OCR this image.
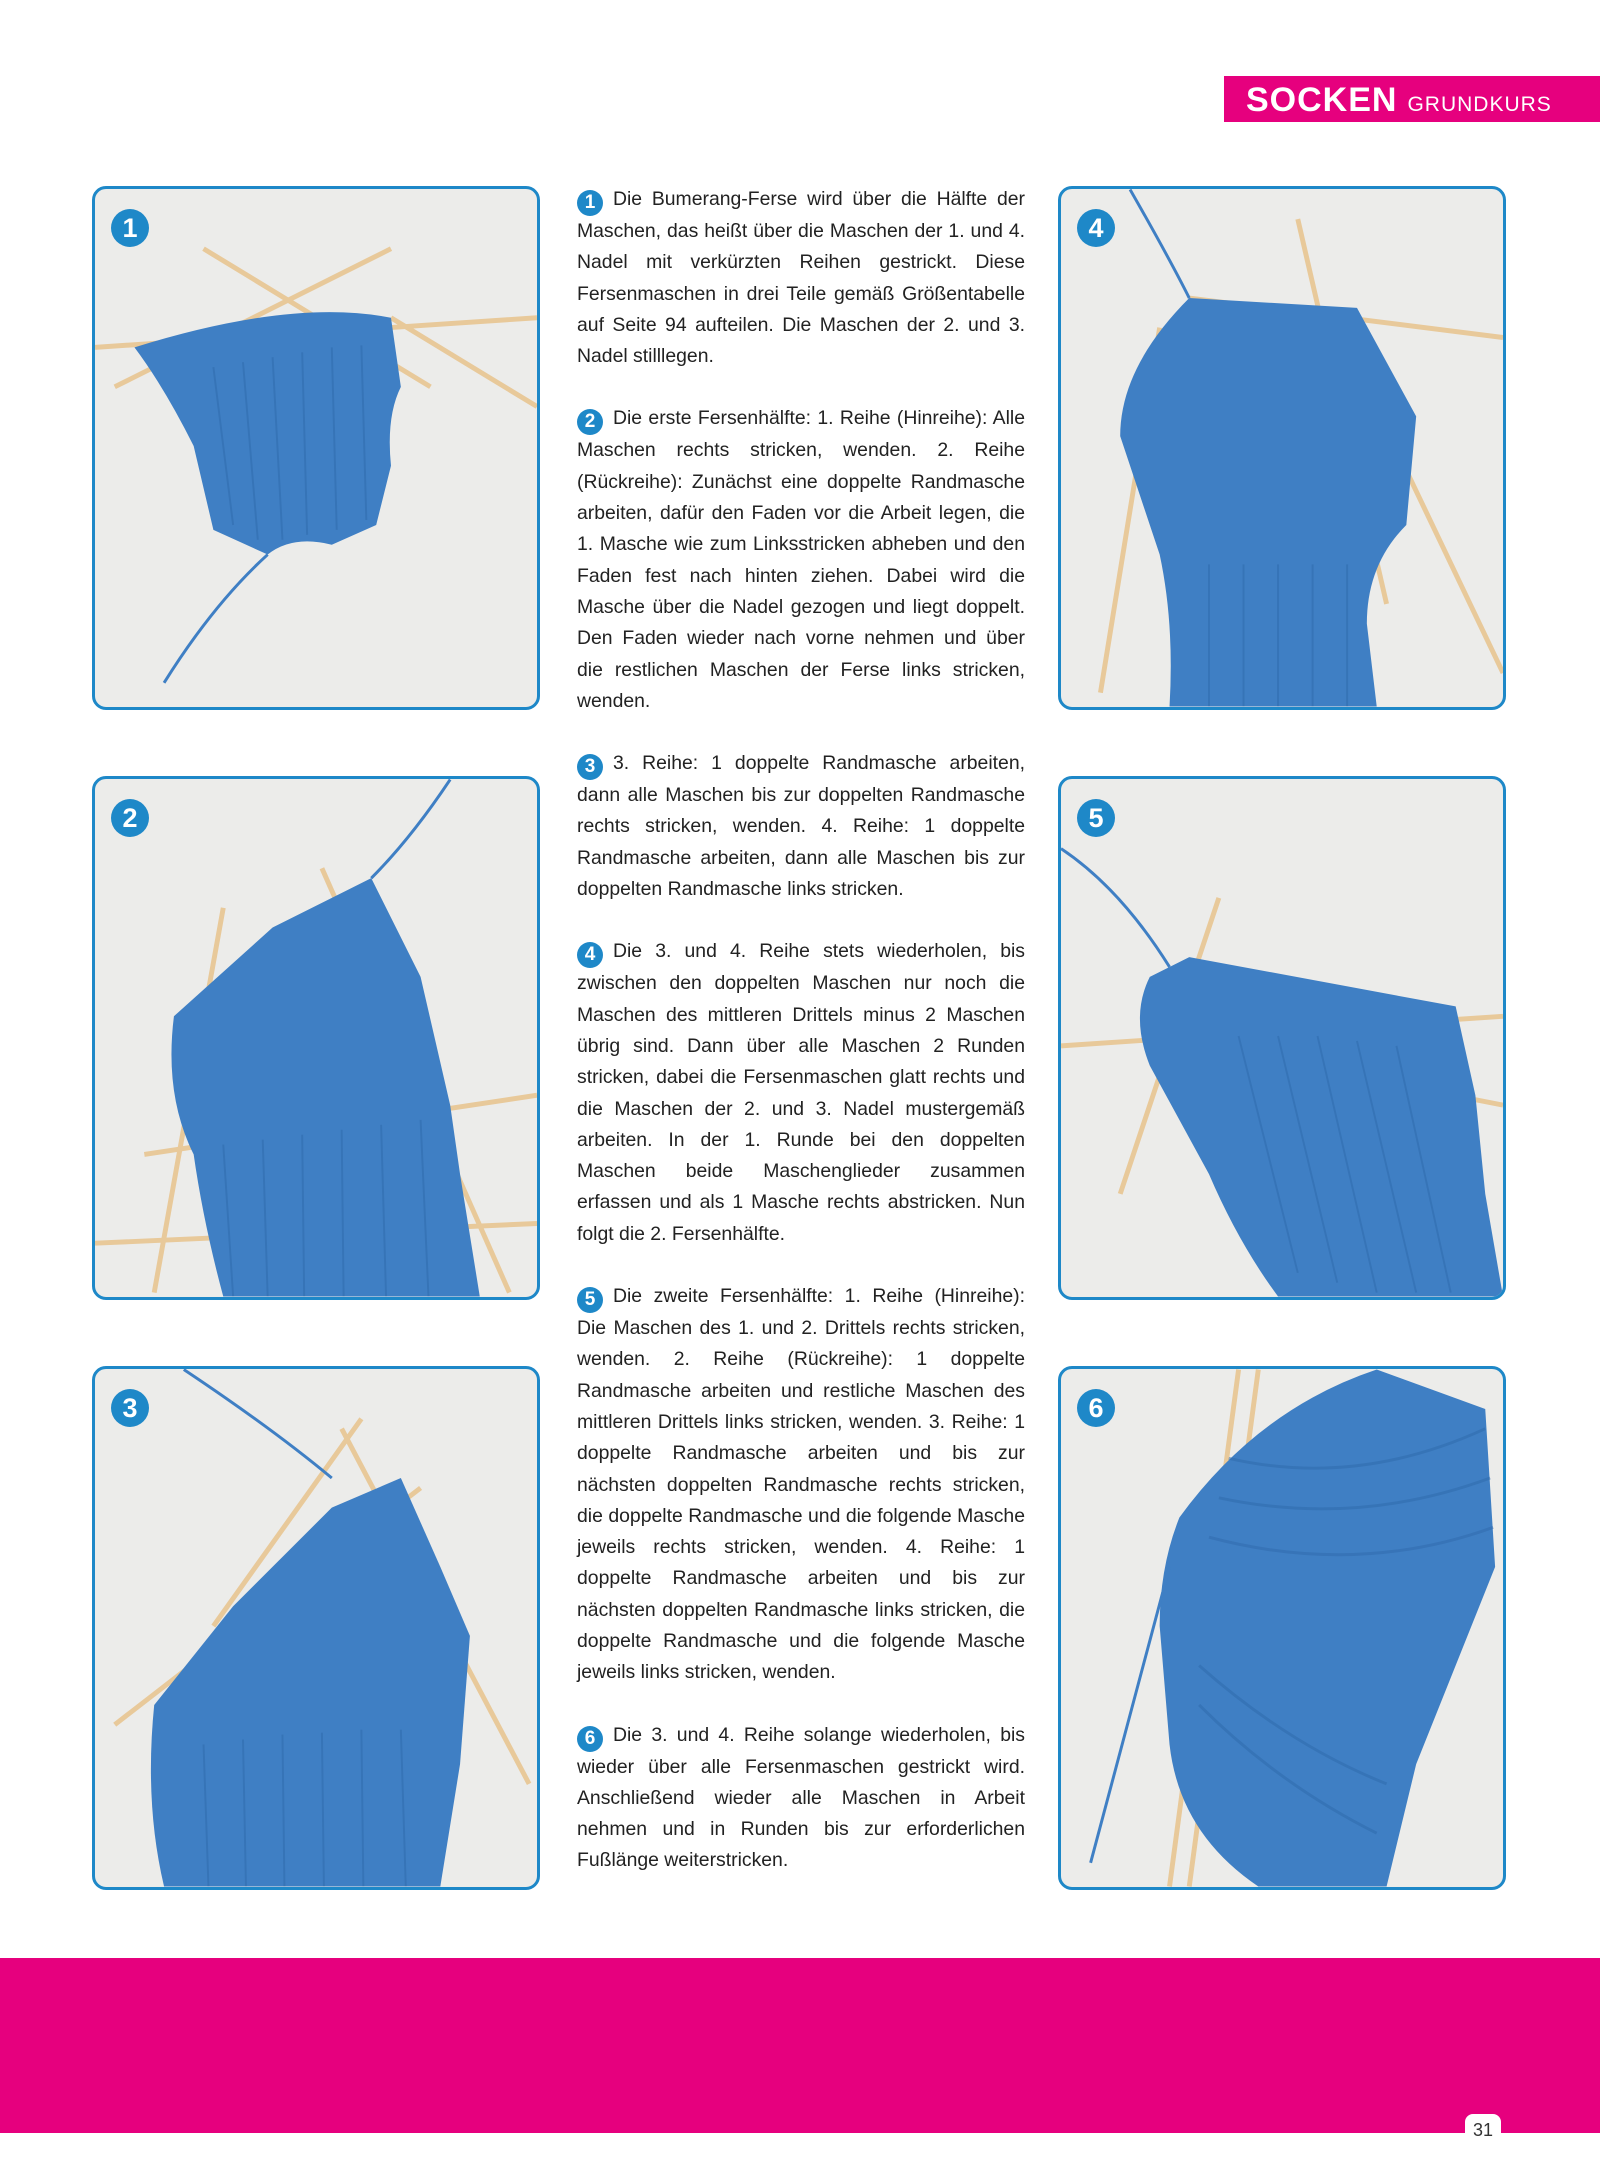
SOCKEN GRUNDKURS
1
2
3
4
5
6

1 Die Bumerang-Ferse wird über die Hälfte der Maschen, das heißt über die Maschen der 1. und 4. Nadel mit verkürzten Reihen gestrickt. Diese Fersenmaschen in drei Teile gemäß Größentabelle auf Seite 94 aufteilen. Die Maschen der 2. und 3. Nadel stilllegen.

2 Die erste Fersenhälfte: 1. Reihe (Hinreihe): Alle Maschen rechts stricken, wenden. 2. Reihe (Rückreihe): Zunächst eine doppelte Randmasche arbeiten, dafür den Faden vor die Arbeit legen, die 1. Masche wie zum Linksstricken abheben und den Faden fest nach hinten ziehen. Dabei wird die Masche über die Nadel gezogen und liegt doppelt. Den Faden wieder nach vorne nehmen und über die restlichen Maschen der Ferse links stricken, wenden.

3 3. Reihe: 1 doppelte Randmasche arbeiten, dann alle Maschen bis zur doppelten Randmasche rechts stricken, wenden. 4. Reihe: 1 doppelte Randmasche arbeiten, dann alle Maschen bis zur doppelten Randmasche links stricken.

4 Die 3. und 4. Reihe stets wiederholen, bis zwischen den doppelten Maschen nur noch die Maschen des mittleren Drittels minus 2 Maschen übrig sind. Dann über alle Maschen 2 Runden stricken, dabei die Fersenmaschen glatt rechts und die Maschen der 2. und 3. Nadel mustergemäß arbeiten. In der 1. Runde bei den doppelten Maschen beide Maschenglieder zusammen erfassen und als 1 Masche rechts abstricken. Nun folgt die 2. Fersenhälfte.

5 Die zweite Fersenhälfte: 1. Reihe (Hinreihe): Die Maschen des 1. und 2. Drittels rechts stricken, wenden. 2. Reihe (Rückreihe): 1 doppelte Randmasche arbeiten und restliche Maschen des mittleren Drittels links stricken, wenden. 3. Reihe: 1 doppelte Randmasche arbeiten und bis zur nächsten doppelten Randmasche rechts stricken, die doppelte Randmasche und die folgende Masche jeweils rechts stricken, wenden. 4. Reihe: 1 doppelte Randmasche arbeiten und bis zur nächsten doppelten Randmasche links stricken, die doppelte Randmasche und die folgende Masche jeweils links stricken, wenden.

6 Die 3. und 4. Reihe solange wiederholen, bis wieder über alle Fersenmaschen gestrickt wird. Anschließend wieder alle Maschen in Arbeit nehmen und in Runden bis zur erforderlichen Fußlänge weiterstricken.

31
